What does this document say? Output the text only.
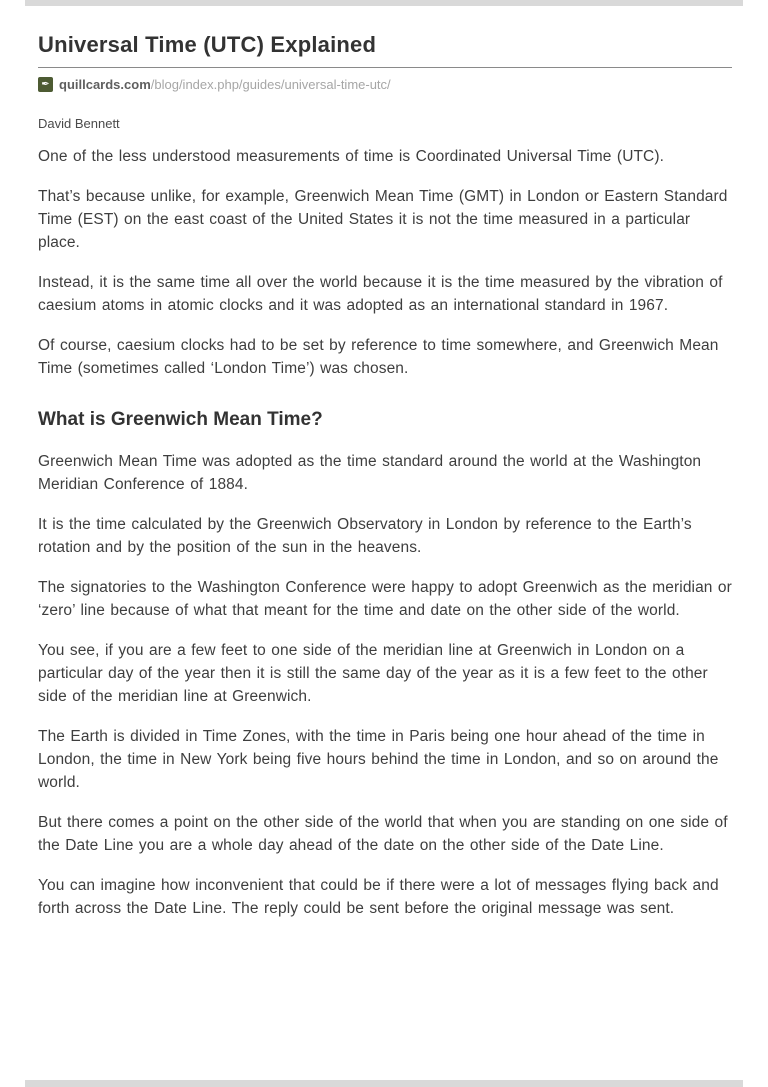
Universal Time (UTC) Explained
✒ quillcards.com/blog/index.php/guides/universal-time-utc/
David Bennett

One of the less understood measurements of time is Coordinated Universal Time (UTC).

That’s because unlike, for example, Greenwich Mean Time (GMT) in London or Eastern Standard Time (EST) on the east coast of the United States it is not the time measured in a particular place.

Instead, it is the same time all over the world because it is the time measured by the vibration of caesium atoms in atomic clocks and it was adopted as an international standard in 1967.

Of course, caesium clocks had to be set by reference to time somewhere, and Greenwich Mean Time (sometimes called ‘London Time’) was chosen.

What is Greenwich Mean Time?

Greenwich Mean Time was adopted as the time standard around the world at the Washington Meridian Conference of 1884.

It is the time calculated by the Greenwich Observatory in London by reference to the Earth’s rotation and by the position of the sun in the heavens.

The signatories to the Washington Conference were happy to adopt Greenwich as the meridian or ‘zero’ line because of what that meant for the time and date on the other side of the world.

You see, if you are a few feet to one side of the meridian line at Greenwich in London on a particular day of the year then it is still the same day of the year as it is a few feet to the other side of the meridian line at Greenwich.

The Earth is divided in Time Zones, with the time in Paris being one hour ahead of the time in London, the time in New York being five hours behind the time in London, and so on around the world.

But there comes a point on the other side of the world that when you are standing on one side of the Date Line you are a whole day ahead of the date on the other side of the Date Line.

You can imagine how inconvenient that could be if there were a lot of messages flying back and forth across the Date Line. The reply could be sent before the original message was sent.
